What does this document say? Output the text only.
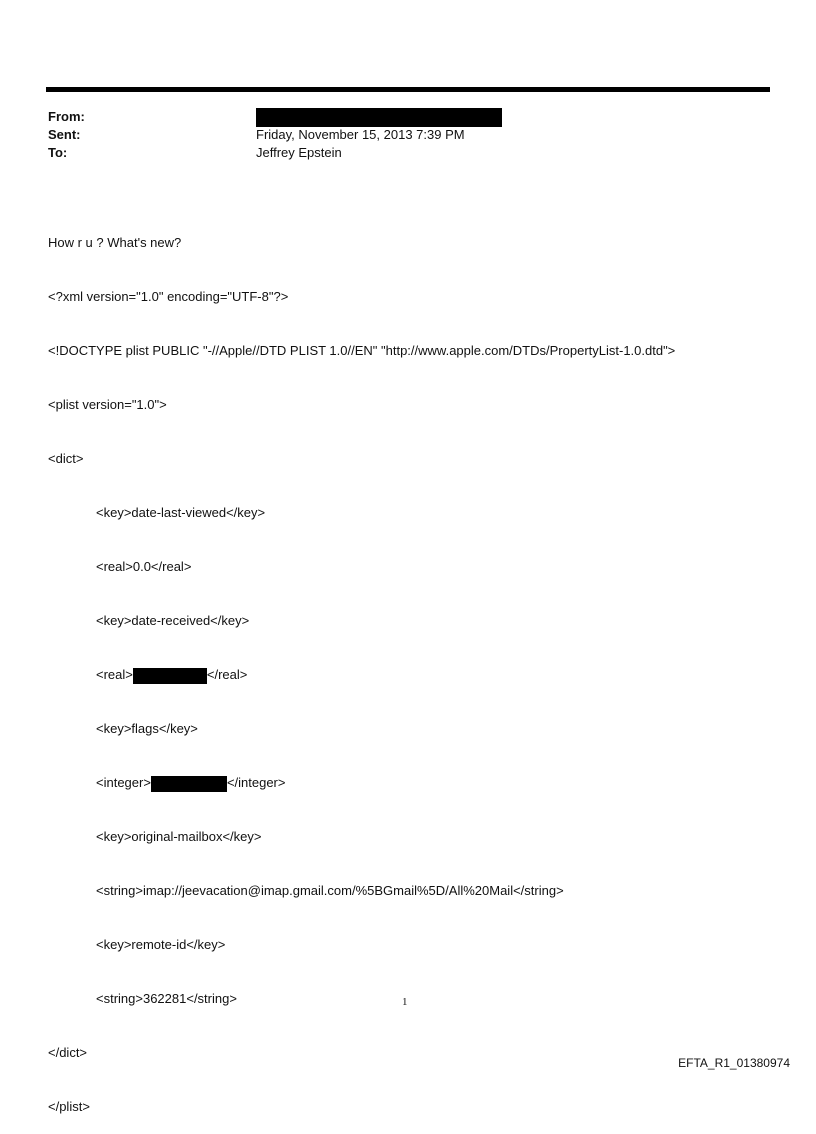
From:
Sent:	Friday, November 15, 2013 7:39 PM
To:	Jeffrey Epstein

How r u ? What's new?

<?xml version="1.0" encoding="UTF-8"?>

<!DOCTYPE plist PUBLIC "-//Apple//DTD PLIST 1.0//EN" "http://www.apple.com/DTDs/PropertyList-1.0.dtd">

<plist version="1.0">

<dict>

<key>date-last-viewed</key>

<real>0.0</real>

<key>date-received</key>

<real>	</real>

<key>flags</key>

<integer>	</integer>

<key>original-mailbox</key>

<string>imap://jeevacation@imap.gmail.com/%5BGmail%5D/All%20Mail</string>

<key>remote-id</key>

<string>362281</string>

</dict>

</plist>

1
EFTA_R1_01380974
